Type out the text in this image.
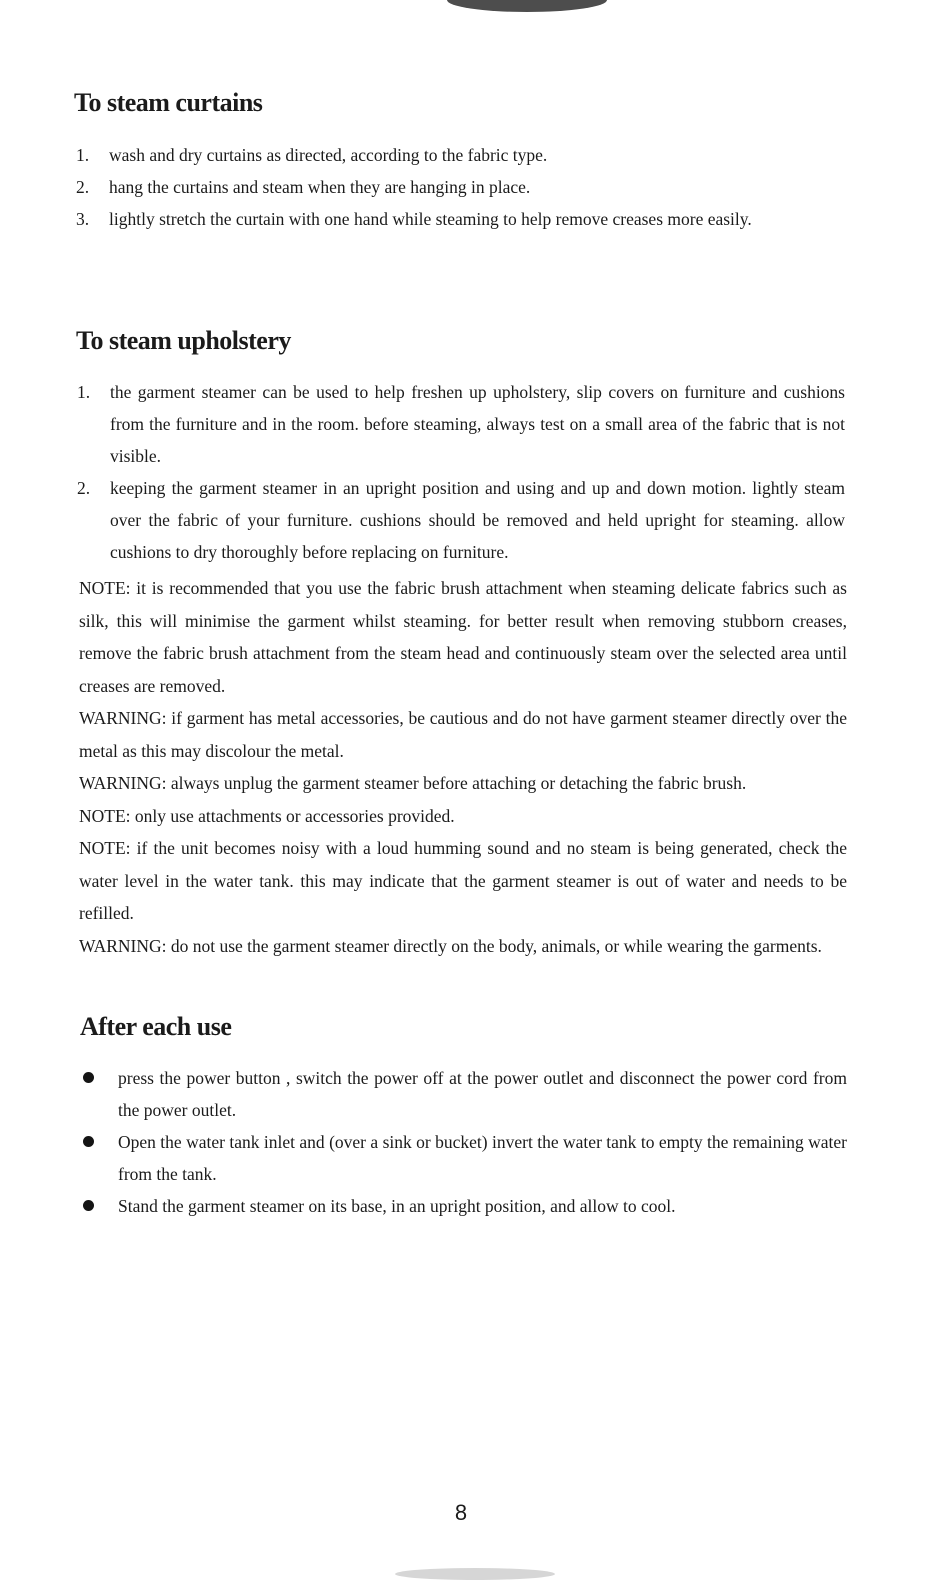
To steam curtains
1. wash and dry curtains as directed, according to the fabric type.
2. hang the curtains and steam when they are hanging in place.
3. lightly stretch the curtain with one hand while steaming to help remove creases more easily.
To steam upholstery
1. the garment steamer can be used to help freshen up upholstery, slip covers on furniture and cushions from the furniture and in the room. before steaming, always test on a small area of the fabric that is not visible.
2. keeping the garment steamer in an upright position and using and up and down motion. lightly steam over the fabric of your furniture. cushions should be removed and held upright for steaming. allow cushions to dry thoroughly before replacing on furniture.

NOTE: it is recommended that you use the fabric brush attachment when steaming delicate fabrics such as silk, this will minimise the garment whilst steaming. for better result when removing stubborn creases, remove the fabric brush attachment from the steam head and continuously steam over the selected area until creases are removed.

WARNING: if garment has metal accessories, be cautious and do not have garment steamer directly over the metal as this may discolour the metal.

WARNING: always unplug the garment steamer before attaching or detaching the fabric brush.

NOTE: only use attachments or accessories provided.

NOTE: if the unit becomes noisy with a loud humming sound and no steam is being generated, check the water level in the water tank. this may indicate that the garment steamer is out of water and needs to be refilled.

WARNING: do not use the garment steamer directly on the body, animals, or while wearing the garments.

After each use
press the power button , switch the power off at the power outlet and disconnect the power cord from the power outlet.
Open the water tank inlet and (over a sink or bucket) invert the water tank to empty the remaining water from the tank.
Stand the garment steamer on its base, in an upright position, and allow to cool.
8
